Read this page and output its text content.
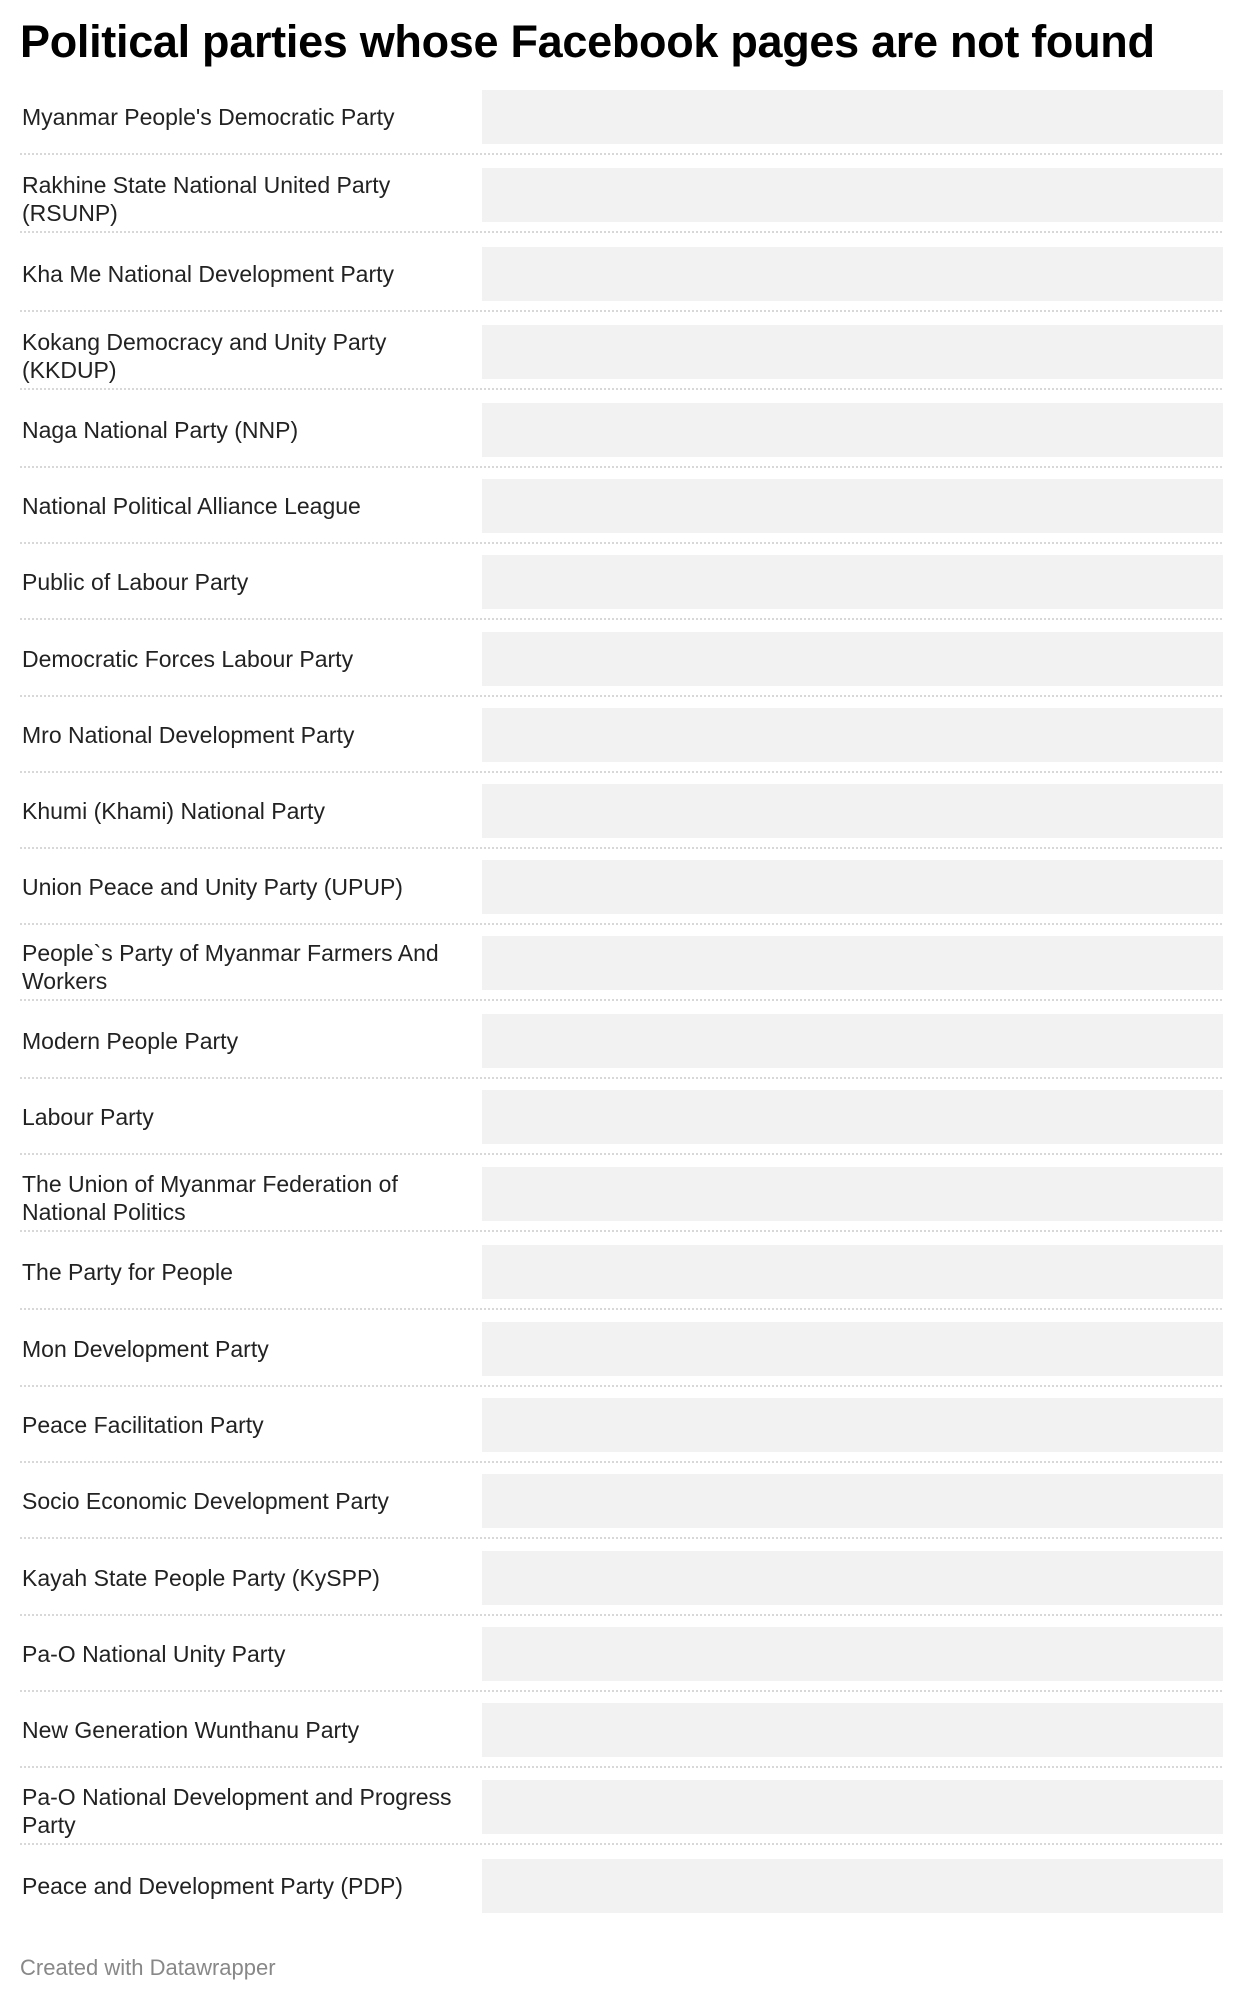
Political parties whose Facebook pages are not found
Myanmar People's Democratic Party
Rakhine State National United Party (RSUNP)
Kha Me National Development Party
Kokang Democracy and Unity Party (KKDUP)
Naga National Party (NNP)
National Political Alliance League
Public of Labour Party
Democratic Forces Labour Party
Mro National Development Party
Khumi (Khami) National Party
Union Peace and Unity Party (UPUP)
People`s Party of Myanmar Farmers And Workers
Modern People Party
Labour Party
The Union of Myanmar Federation of National Politics
The Party for People
Mon Development Party
Peace Facilitation Party
Socio Economic Development Party
Kayah State People Party (KySPP)
Pa-O National Unity Party
New Generation Wunthanu Party
Pa-O National Development and Progress Party
Peace and Development Party (PDP)
Created with Datawrapper
